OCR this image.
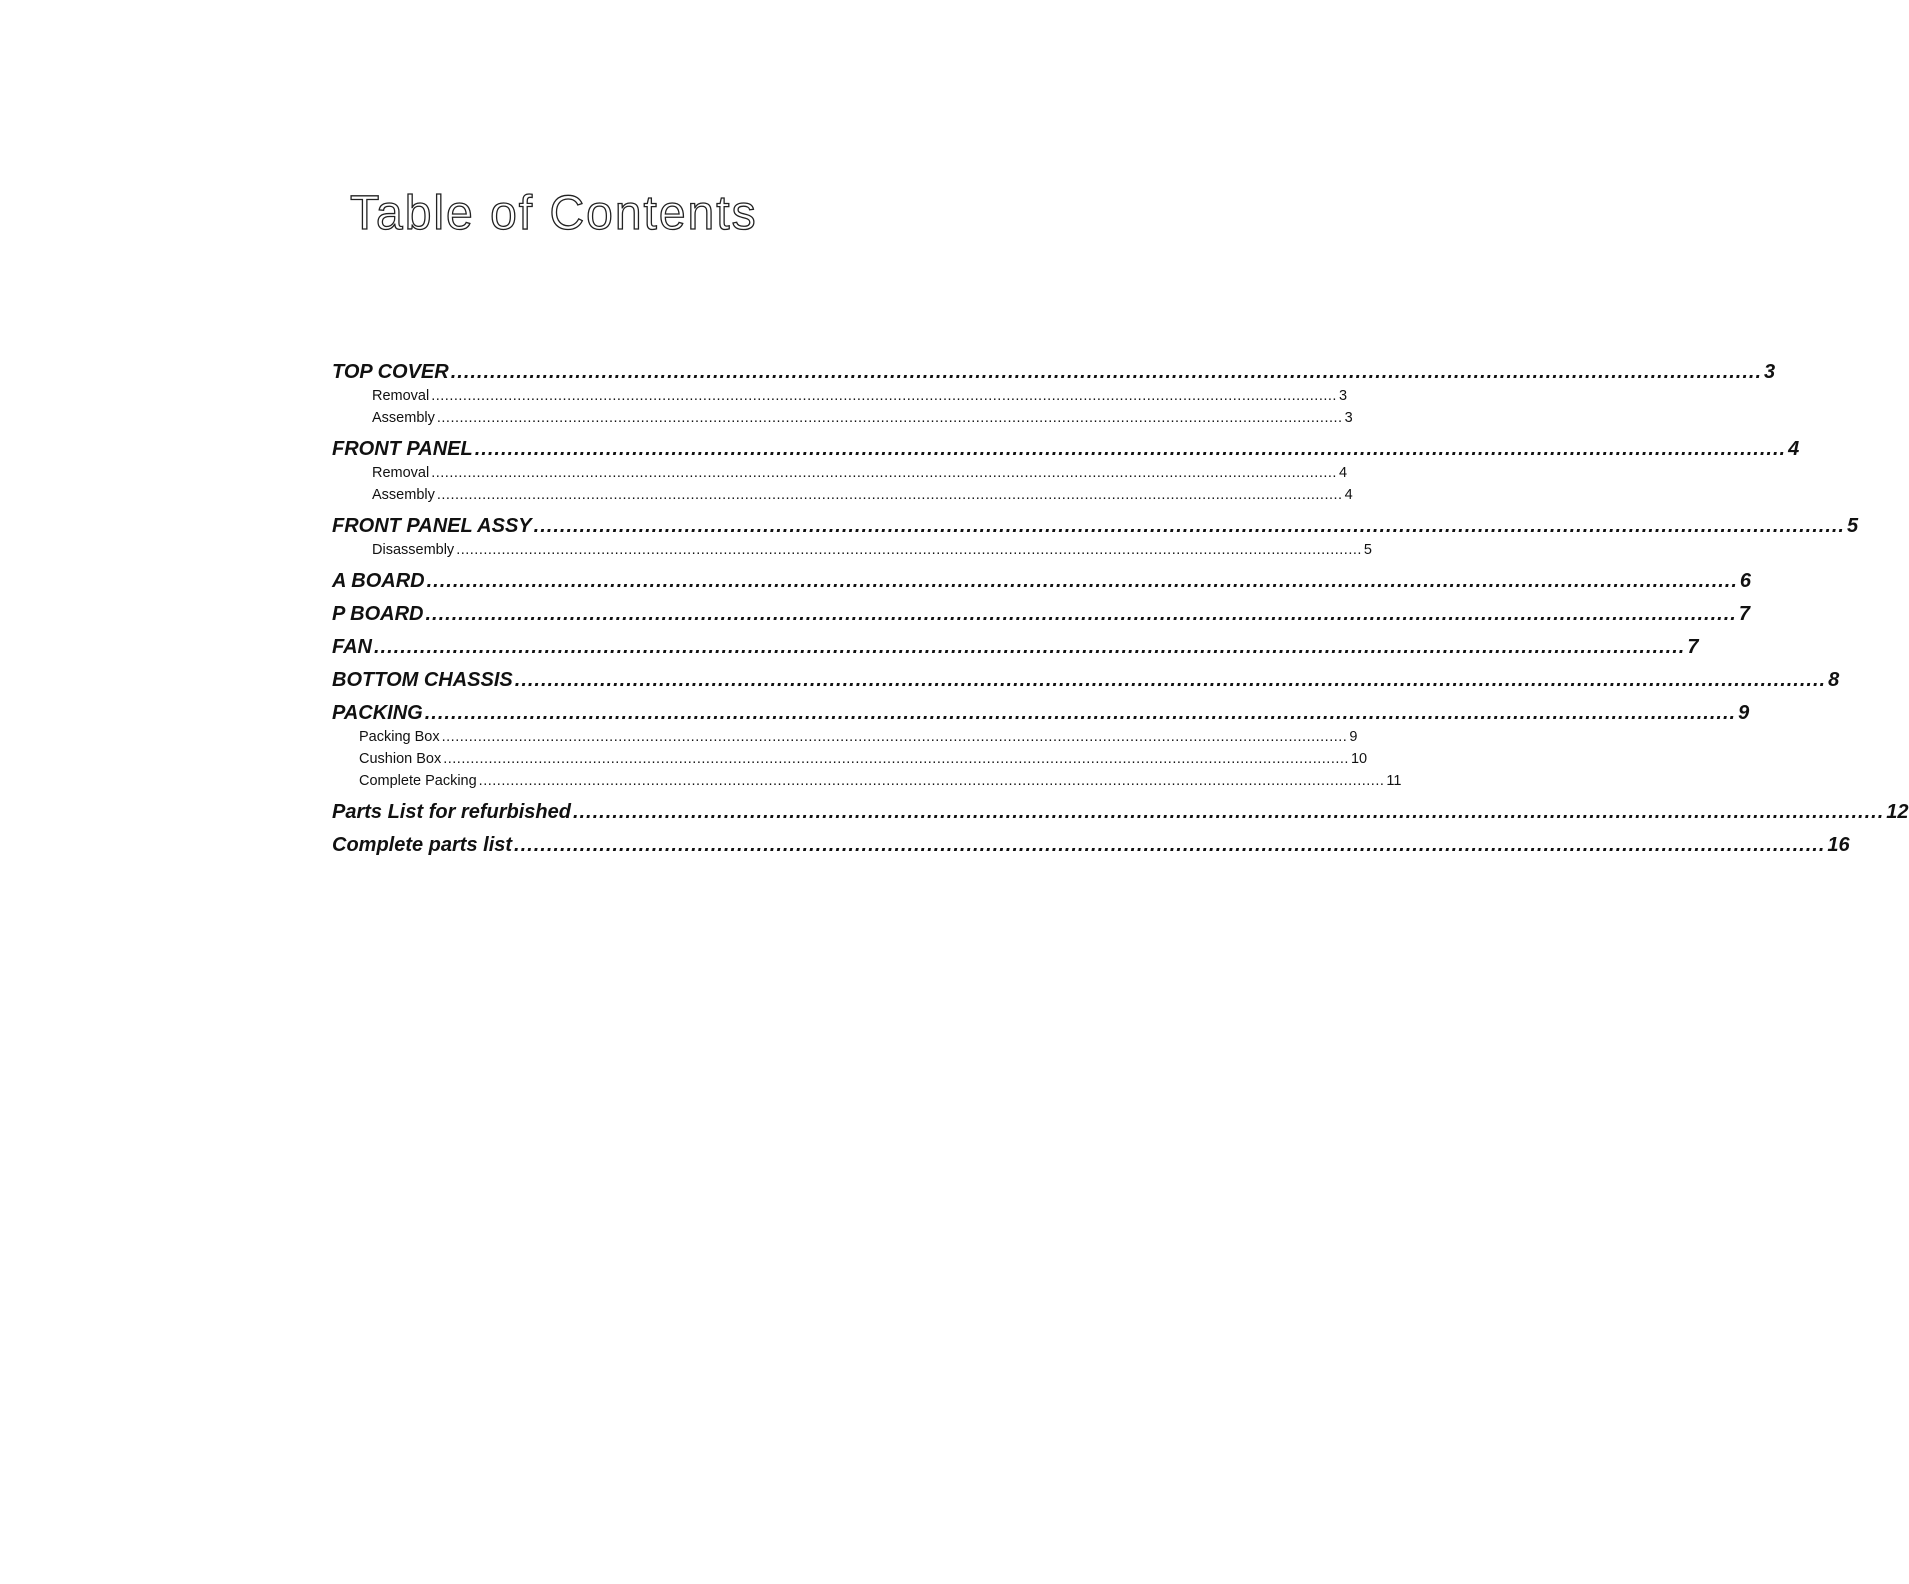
Table of Contents
TOP COVER ........................................................................................................................................................................................................ 3
Removal ........................................................................................................................................................................................................ 3
Assembly ........................................................................................................................................................................................................ 3
FRONT PANEL ........................................................................................................................................................................................................ 4
Removal ........................................................................................................................................................................................................ 4
Assembly ........................................................................................................................................................................................................ 4
FRONT PANEL ASSY ........................................................................................................................................................................................................ 5
Disassembly ........................................................................................................................................................................................................ 5
A BOARD ........................................................................................................................................................................................................ 6
P BOARD ........................................................................................................................................................................................................ 7
FAN ........................................................................................................................................................................................................ 7
BOTTOM CHASSIS ........................................................................................................................................................................................................ 8
PACKING ........................................................................................................................................................................................................ 9
Packing Box ........................................................................................................................................................................................................ 9
Cushion Box ........................................................................................................................................................................................................ 10
Complete Packing ........................................................................................................................................................................................................ 11
Parts List for refurbished ........................................................................................................................................................................................................ 12
Complete parts list ........................................................................................................................................................................................................ 16
